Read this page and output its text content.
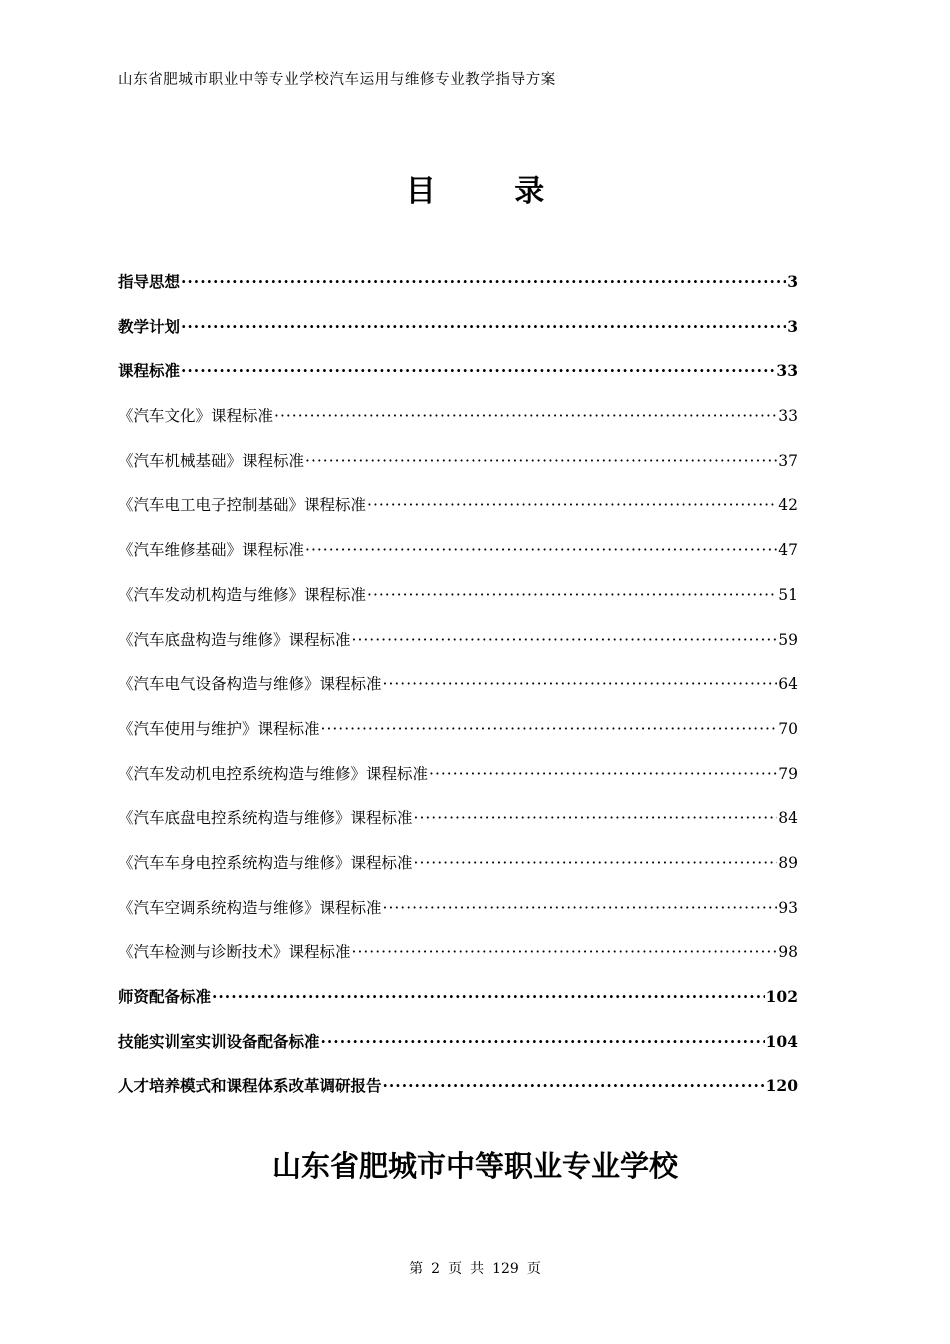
山东省肥城市职业中等专业学校汽车运用与维修专业教学指导方案
目 录
指导思想 ·····	3
教学计划 ·····	3
课程标准 ·····	33
《汽车文化》课程标准 ·····	33
《汽车机械基础》课程标准 ·····	37
《汽车电工电子控制基础》课程标准 ·····	42
《汽车维修基础》课程标准 ·····	47
《汽车发动机构造与维修》课程标准 ·····	51
《汽车底盘构造与维修》课程标准 ·····	59
《汽车电气设备构造与维修》课程标准 ·····	64
《汽车使用与维护》课程标准 ·····	70
《汽车发动机电控系统构造与维修》课程标准 ·····	79
《汽车底盘电控系统构造与维修》课程标准 ·····	84
《汽车车身电控系统构造与维修》课程标准 ·····	89
《汽车空调系统构造与维修》课程标准 ·····	93
《汽车检测与诊断技术》课程标准 ·····	98
师资配备标准 ·····	102
技能实训室实训设备配备标准 ·····	104
人才培养模式和课程体系改革调研报告 ·····	120
山东省肥城市中等职业专业学校
第 2 页 共 129 页
